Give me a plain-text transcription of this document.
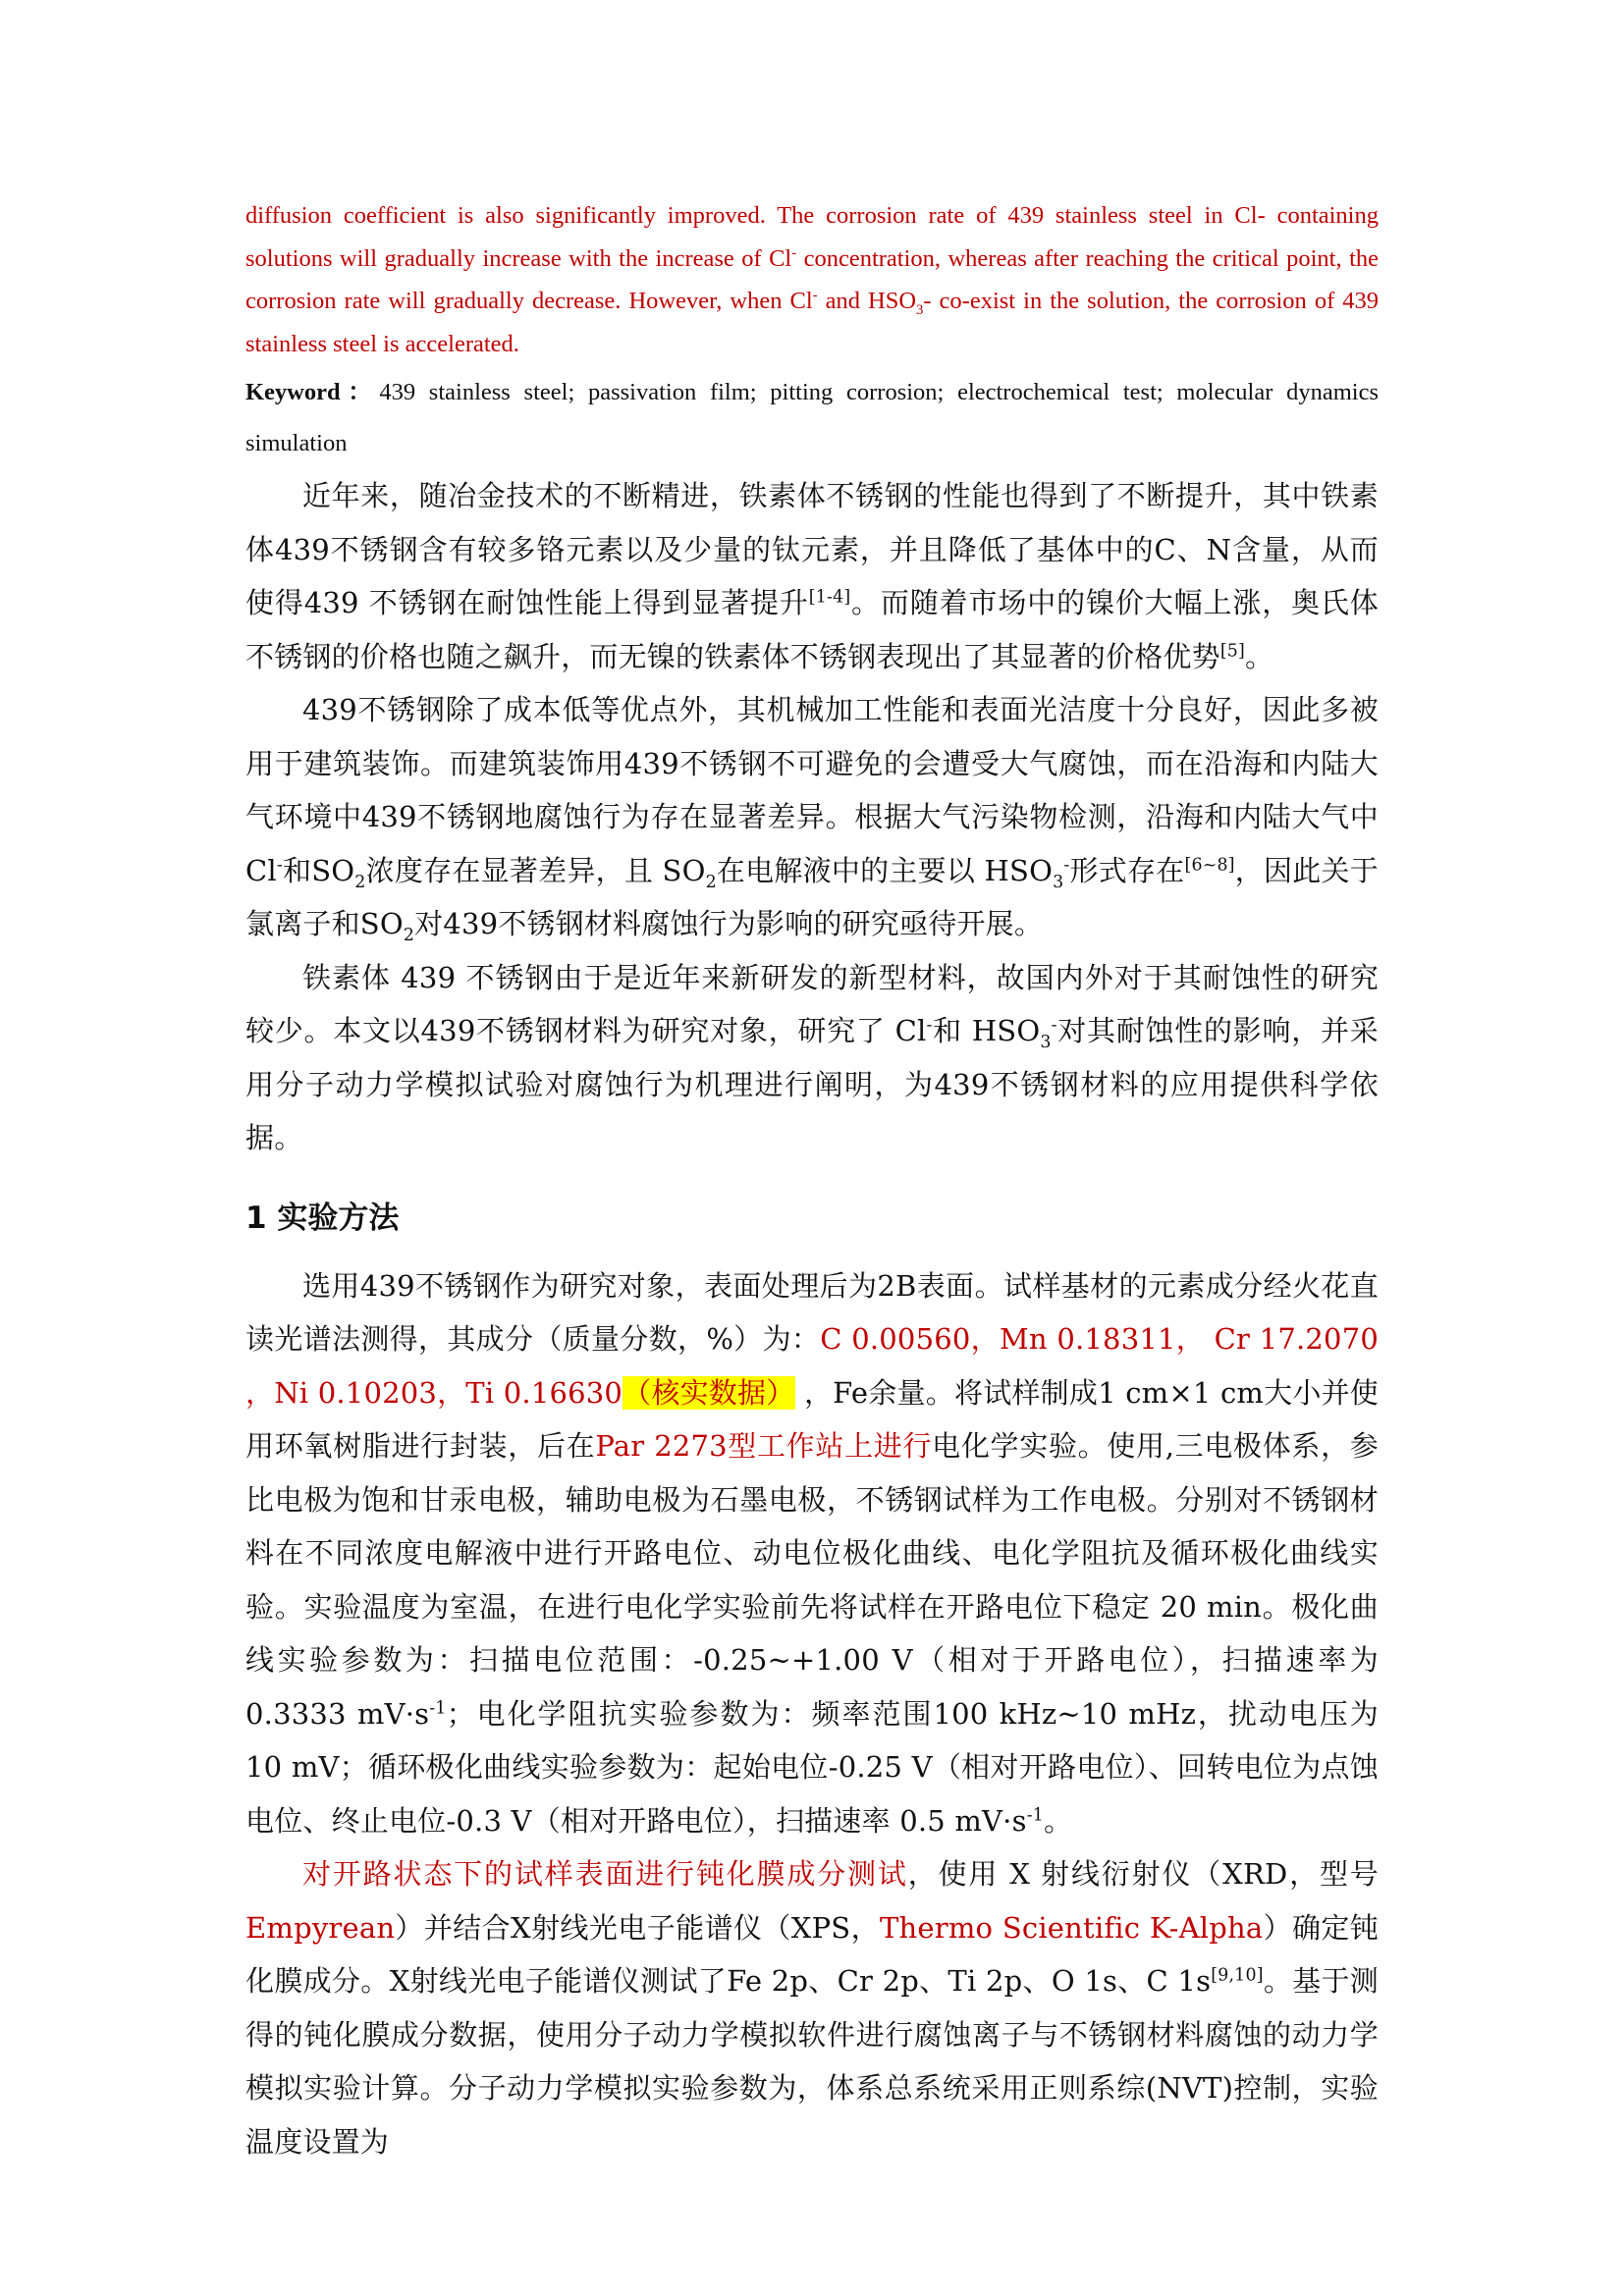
diffusion coefficient is also significantly improved. The corrosion rate of 439 stainless steel in Cl- containing solutions will gradually increase with the increase of Cl- concentration, whereas after reaching the critical point, the corrosion rate will gradually decrease. However, when Cl- and $HSO_3-$ co-exist in the solution, the corrosion of 439 stainless steel is accelerated.

Keyword：439 stainless steel; passivation film; pitting corrosion; electrochemical test; molecular dynamics simulation

近年来，随冶金技术的不断精进，铁素体不锈钢的性能也得到了不断提升，其中铁素体439不锈钢含有较多铬元素以及少量的钛元素，并且降低了基体中的C、N含量，从而使得439 不锈钢在耐蚀性能上得到显著提升[1-4]。而随着市场中的镍价大幅上涨，奥氏体不锈钢的价格也随之飙升，而无镍的铁素体不锈钢表现出了其显著的价格优势[5]。

439不锈钢除了成本低等优点外，其机械加工性能和表面光洁度十分良好，因此多被用于建筑装饰。而建筑装饰用439不锈钢不可避免的会遭受大气腐蚀，而在沿海和内陆大气环境中439不锈钢地腐蚀行为存在显著差异。根据大气污染物检测，沿海和内陆大气中Cl-和$SO_2$浓度存在显著差异，且 $SO_2$在电解液中的主要以 $HSO_3^-$形式存在[6~8]，因此关于氯离子和$SO_2$对439不锈钢材料腐蚀行为影响的研究亟待开展。

铁素体 439 不锈钢由于是近年来新研发的新型材料，故国内外对于其耐蚀性的研究较少。本文以439不锈钢材料为研究对象，研究了 Cl-和 $HSO_3^-$对其耐蚀性的影响，并采用分子动力学模拟试验对腐蚀行为机理进行阐明，为439不锈钢材料的应用提供科学依据。

1 实验方法

选用439不锈钢作为研究对象，表面处理后为2B表面。试样基材的元素成分经火花直读光谱法测得，其成分（质量分数，%）为：C 0.00560，Mn 0.18311， Cr 17.2070 ，Ni 0.10203，Ti 0.16630（核实数据） ，Fe余量。将试样制成1 cm×1 cm大小并使用环氧树脂进行封装，后在Par 2273型工作站上进行电化学实验。使用,三电极体系，参比电极为饱和甘汞电极，辅助电极为石墨电极，不锈钢试样为工作电极。分别对不锈钢材料在不同浓度电解液中进行开路电位、动电位极化曲线、电化学阻抗及循环极化曲线实验。实验温度为室温，在进行电化学实验前先将试样在开路电位下稳定 20 min。极化曲线实验参数为：扫描电位范围：-0.25~+1.00 V（相对于开路电位），扫描速率为0.3333 $mV\cdot s^{-1}$；电化学阻抗实验参数为：频率范围100 kHz~10 mHz，扰动电压为 10 mV；循环极化曲线实验参数为：起始电位-0.25 V（相对开路电位）、回转电位为点蚀电位、终止电位-0.3 V（相对开路电位），扫描速率 0.5 $mV\cdot s^{-1}$。

对开路状态下的试样表面进行钝化膜成分测试，使用 X 射线衍射仪（XRD，型号Empyrean）并结合X射线光电子能谱仪（XPS，Thermo Scientific K-Alpha）确定钝化膜成分。X射线光电子能谱仪测试了Fe 2p、Cr 2p、Ti 2p、O 1s、C 1s[9,10]。基于测得的钝化膜成分数据，使用分子动力学模拟软件进行腐蚀离子与不锈钢材料腐蚀的动力学模拟实验计算。分子动力学模拟实验参数为，体系总系统采用正则系综(NVT)控制，实验温度设置为
